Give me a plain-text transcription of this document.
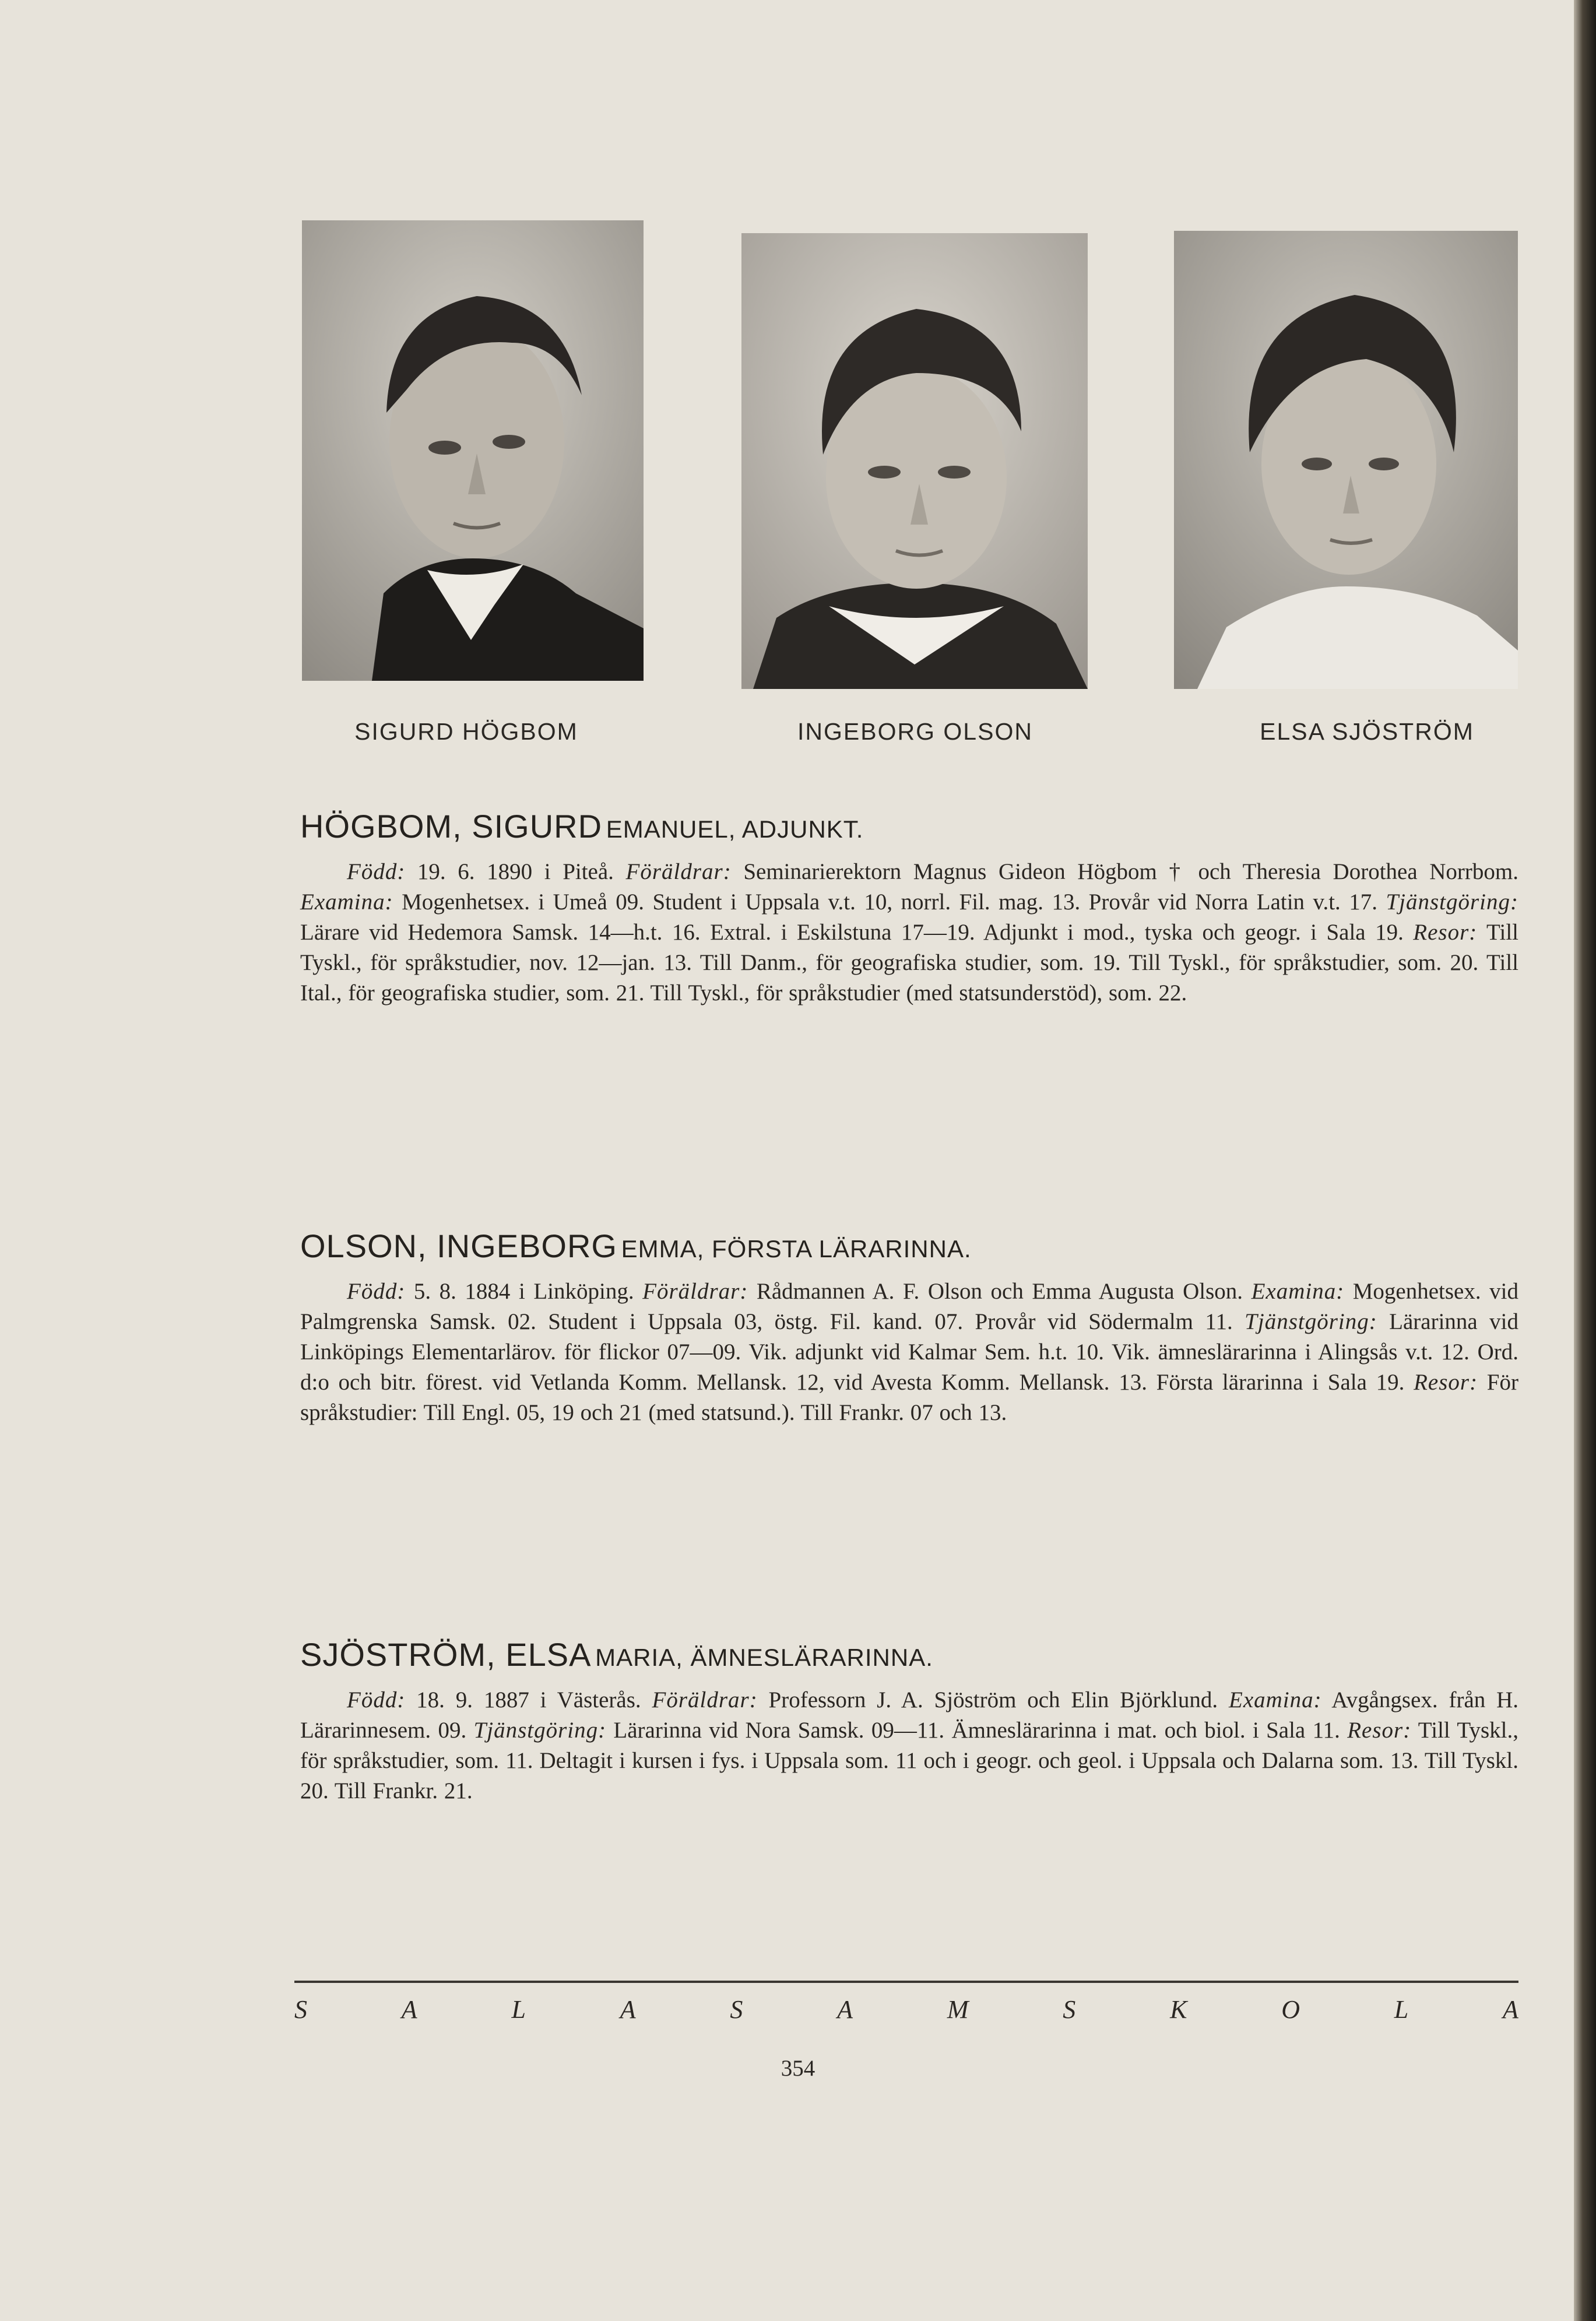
SIGURD HÖGBOM	INGEBORG OLSON	ELSA SJÖSTRÖM
HÖGBOM, SIGURD EMANUEL, ADJUNKT.

Född: 19. 6. 1890 i Piteå. Föräldrar: Seminarierektorn Magnus Gideon Högbom † och Theresia Dorothea Norrbom. Examina: Mogenhetsex. i Umeå 09. Student i Uppsala v.t. 10, norrl. Fil. mag. 13. Provår vid Norra Latin v.t. 17. Tjänstgöring: Lärare vid Hedemora Samsk. 14—h.t. 16. Extral. i Eskilstuna 17—19. Adjunkt i mod., tyska och geogr. i Sala 19. Resor: Till Tyskl., för språkstudier, nov. 12—jan. 13. Till Danm., för geografiska studier, som. 19. Till Tyskl., för språkstudier, som. 20. Till Ital., för geografiska studier, som. 21. Till Tyskl., för språkstudier (med statsunderstöd), som. 22.

OLSON, INGEBORG EMMA, FÖRSTA LÄRARINNA.

Född: 5. 8. 1884 i Linköping. Föräldrar: Rådmannen A. F. Olson och Emma Augusta Olson. Examina: Mogenhetsex. vid Palmgrenska Samsk. 02. Student i Uppsala 03, östg. Fil. kand. 07. Provår vid Södermalm 11. Tjänstgöring: Lärarinna vid Linköpings Elementarlärov. för flickor 07—09. Vik. adjunkt vid Kalmar Sem. h.t. 10. Vik. ämneslärarinna i Alingsås v.t. 12. Ord. d:o och bitr. förest. vid Vetlanda Komm. Mellansk. 12, vid Avesta Komm. Mellansk. 13. Första lärarinna i Sala 19. Resor: För språkstudier: Till Engl. 05, 19 och 21 (med statsund.). Till Frankr. 07 och 13.

SJÖSTRÖM, ELSA MARIA, ÄMNESLÄRARINNA.

Född: 18. 9. 1887 i Västerås. Föräldrar: Professorn J. A. Sjöström och Elin Björklund. Examina: Avgångsex. från H. Lärarinnesem. 09. Tjänstgöring: Lärarinna vid Nora Samsk. 09—11. Ämneslärarinna i mat. och biol. i Sala 11. Resor: Till Tyskl., för språkstudier, som. 11. Deltagit i kursen i fys. i Uppsala som. 11 och i geogr. och geol. i Uppsala och Dalarna som. 13. Till Tyskl. 20. Till Frankr. 21.

S	A	L	A	S	A	M	S	K	O	L	A
354
